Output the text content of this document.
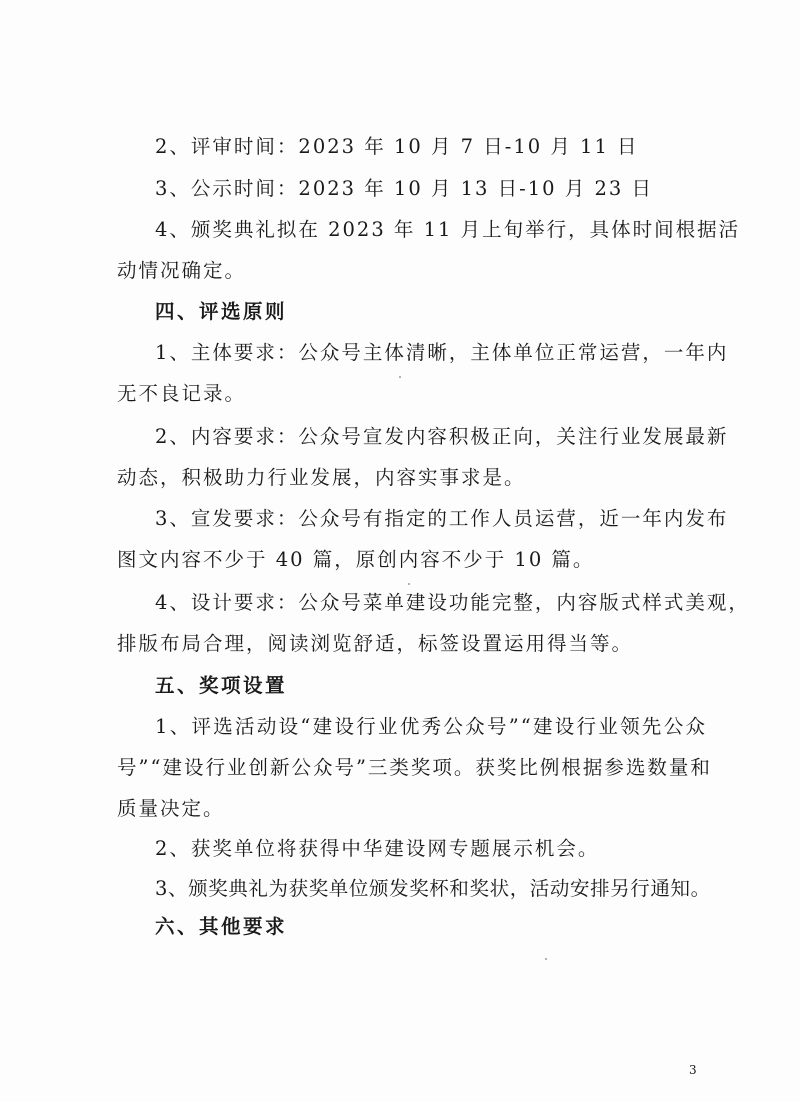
2、评审时间：2023 年 10 月 7 日-10 月 11 日
3、公示时间：2023 年 10 月 13 日-10 月 23 日
4、颁奖典礼拟在 2023 年 11 月上旬举行，具体时间根据活
动情况确定。
四、评选原则
1、主体要求：公众号主体清晰，主体单位正常运营，一年内
无不良记录。
2、内容要求：公众号宣发内容积极正向，关注行业发展最新
动态，积极助力行业发展，内容实事求是。
3、宣发要求：公众号有指定的工作人员运营，近一年内发布
图文内容不少于 40 篇，原创内容不少于 10 篇。
4、设计要求：公众号菜单建设功能完整，内容版式样式美观，
排版布局合理，阅读浏览舒适，标签设置运用得当等。
五、奖项设置
1、评选活动设“建设行业优秀公众号”“建设行业领先公众
号”“建设行业创新公众号”三类奖项。获奖比例根据参选数量和
质量决定。
2、获奖单位将获得中华建设网专题展示机会。
3、颁奖典礼为获奖单位颁发奖杯和奖状，活动安排另行通知。
六、其他要求
3
